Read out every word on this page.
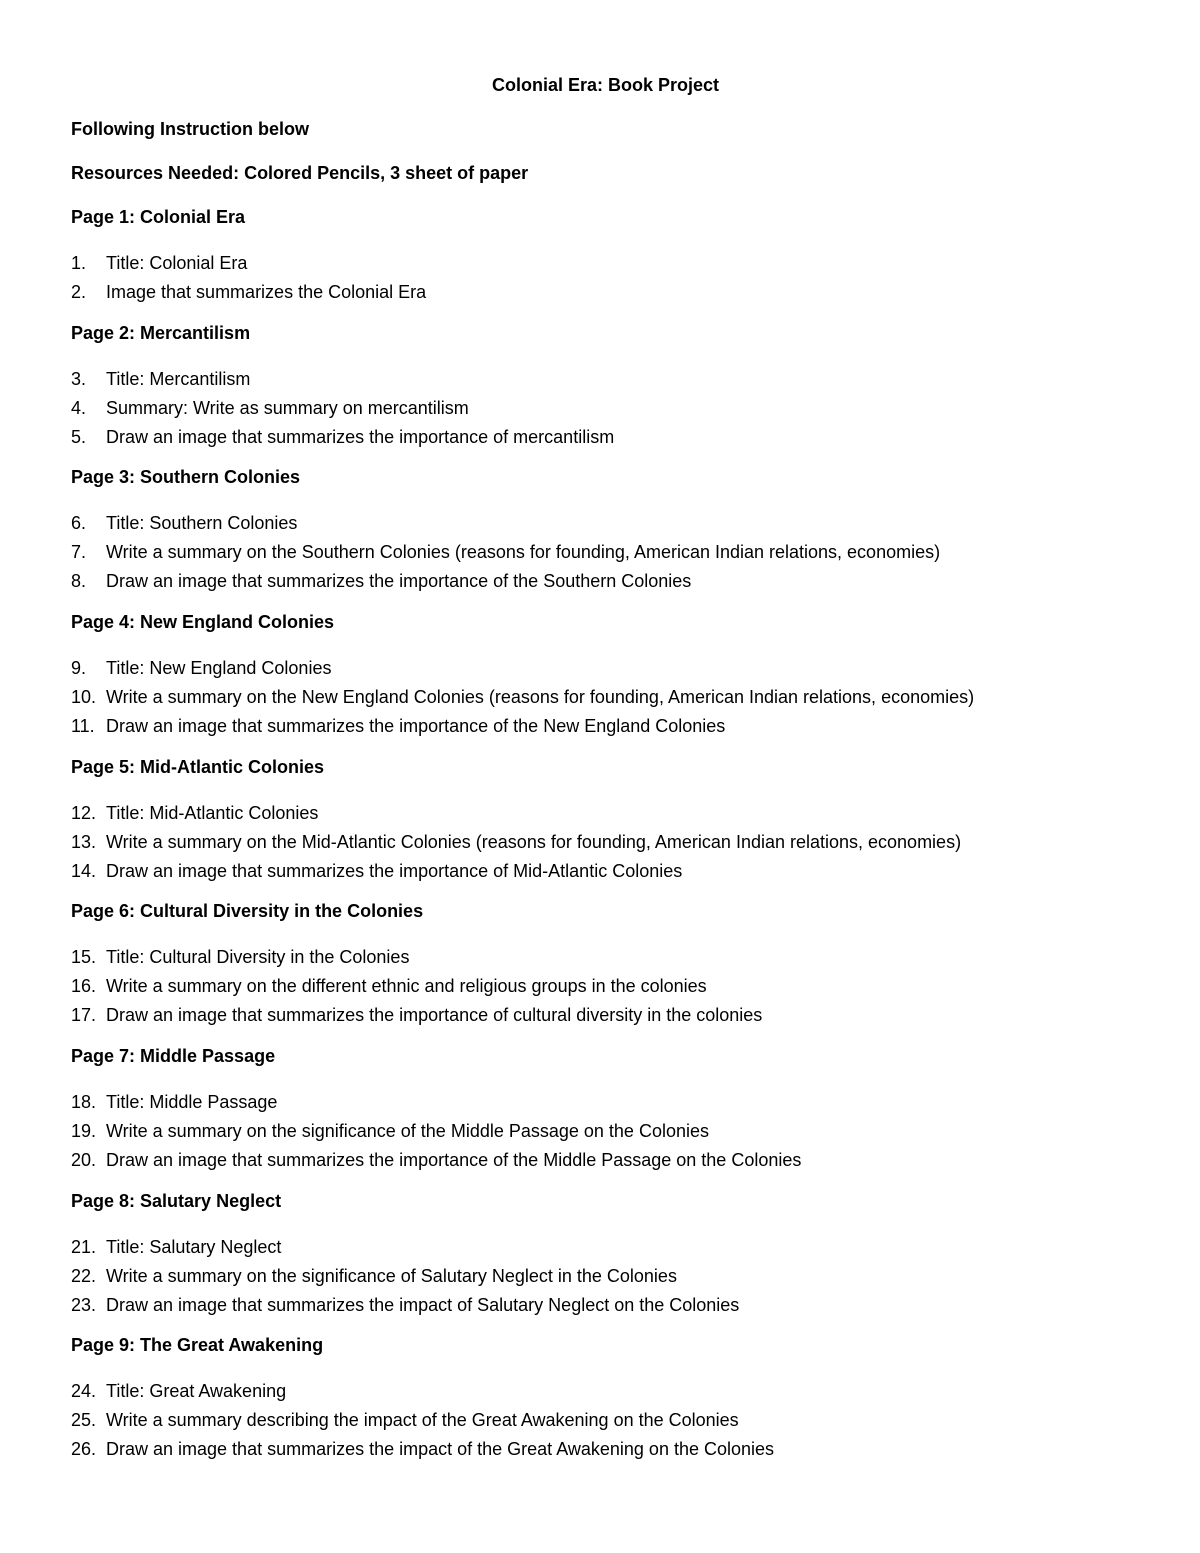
Colonial Era: Book Project
Following Instruction below
Resources Needed: Colored Pencils, 3 sheet of paper
Page 1: Colonial Era
1.	Title: Colonial Era
2.	Image that summarizes the Colonial Era
Page 2: Mercantilism
3.	Title: Mercantilism
4.	Summary: Write as summary on mercantilism
5.	Draw an image that summarizes the importance of mercantilism
Page 3: Southern Colonies
6.	Title: Southern Colonies
7.	Write a summary on the Southern Colonies (reasons for founding, American Indian relations, economies)
8.	Draw an image that summarizes the importance of the Southern Colonies
Page 4: New England Colonies
9.	Title: New England Colonies
10. Write a summary on the New England Colonies (reasons for founding, American Indian relations, economies)
11. Draw an image that summarizes the importance of the New England Colonies
Page 5: Mid-Atlantic Colonies
12. Title: Mid-Atlantic Colonies
13. Write a summary on the Mid-Atlantic Colonies (reasons for founding, American Indian relations, economies)
14. Draw an image that summarizes the importance of Mid-Atlantic Colonies
Page 6: Cultural Diversity in the Colonies
15. Title: Cultural Diversity in the Colonies
16. Write a summary on the different ethnic and religious groups in the colonies
17. Draw an image that summarizes the importance of cultural diversity in the colonies
Page 7: Middle Passage
18. Title: Middle Passage
19. Write a summary on the significance of the Middle Passage on the Colonies
20. Draw an image that summarizes the importance of the Middle Passage on the Colonies
Page 8: Salutary Neglect
21. Title: Salutary Neglect
22. Write a summary on the significance of Salutary Neglect in the Colonies
23. Draw an image that summarizes the impact of Salutary Neglect on the Colonies
Page 9: The Great Awakening
24. Title: Great Awakening
25. Write a summary describing the impact of the Great Awakening on the Colonies
26. Draw an image that summarizes the impact of the Great Awakening on the Colonies
